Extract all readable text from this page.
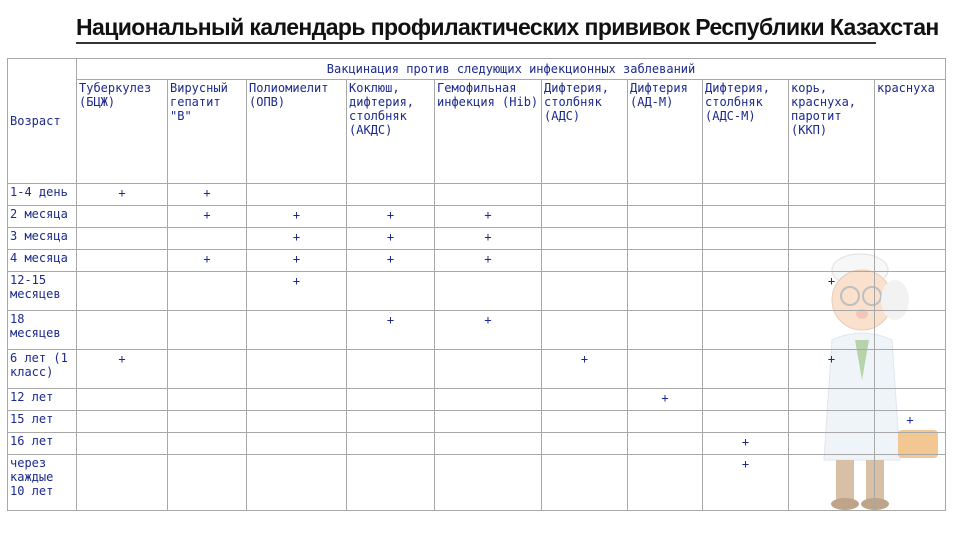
Национальный календарь профилактических прививок Республики Казахстан
Возраст	Вакцинация против следующих инфекционных заблеваний									
	Туберкулез (БЦЖ)	Вирусный гепатит "В"	Полиомиелит (ОПВ)	Коклюш, дифтерия, столбняк (АКДС)	Гемофильная инфекция (Hib)	Дифтерия, столбняк (АДС)	Дифтерия (АД-М)	Дифтерия, столбняк (АДС-М)	корь, краснуха, паротит (ККП)	краснуха
1-4 день	+	+								
2 месяца		+	+	+	+					
3 месяца			+	+	+					
4 месяца		+	+	+	+					
12-15 месяцев			+						+	
18 месяцев				+	+					
6 лет (1 класс)	+					+			+	
12 лет							+			
15 лет										+
16 лет								+		
через каждые 10 лет								+		
